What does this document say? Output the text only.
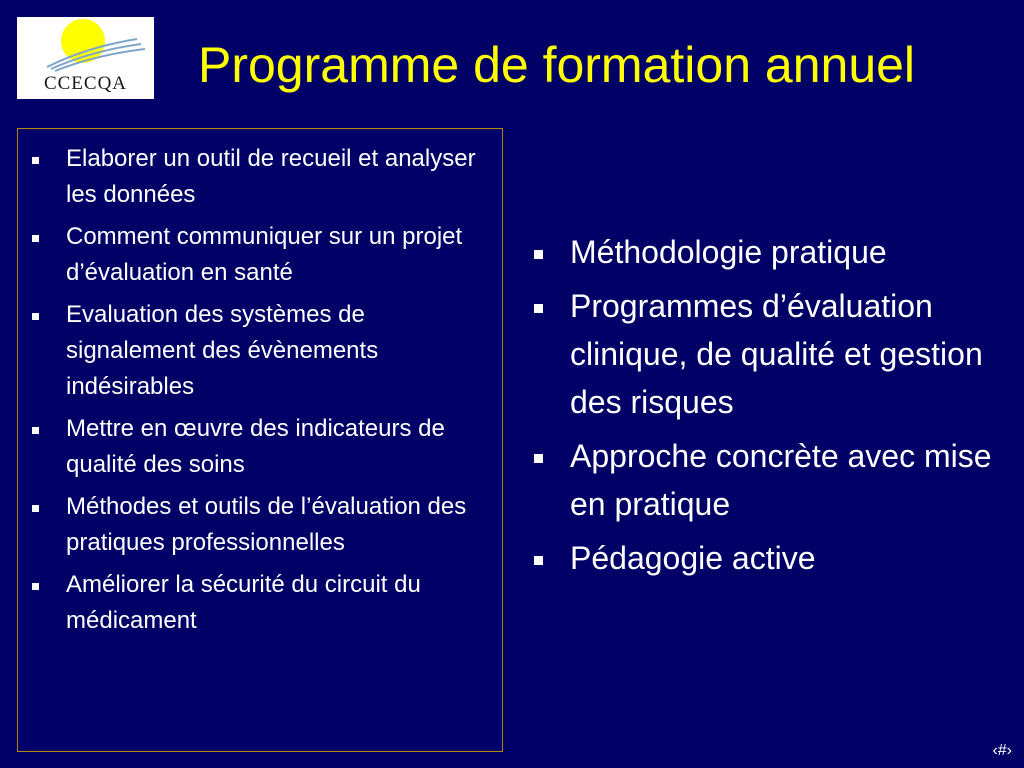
CCECQA	Programme de formation annuel
Elaborer un outil de recueil et analyser les données
Comment communiquer sur un projet d’évaluation en santé
Evaluation des systèmes de signalement des évènements indésirables
Mettre en œuvre des indicateurs de qualité des soins
Méthodes et outils de l’évaluation des pratiques professionnelles
Améliorer la sécurité du circuit du médicament
Méthodologie pratique
Programmes d’évaluation clinique, de qualité et gestion des risques
Approche concrète avec mise en pratique
Pédagogie active
‹#›
